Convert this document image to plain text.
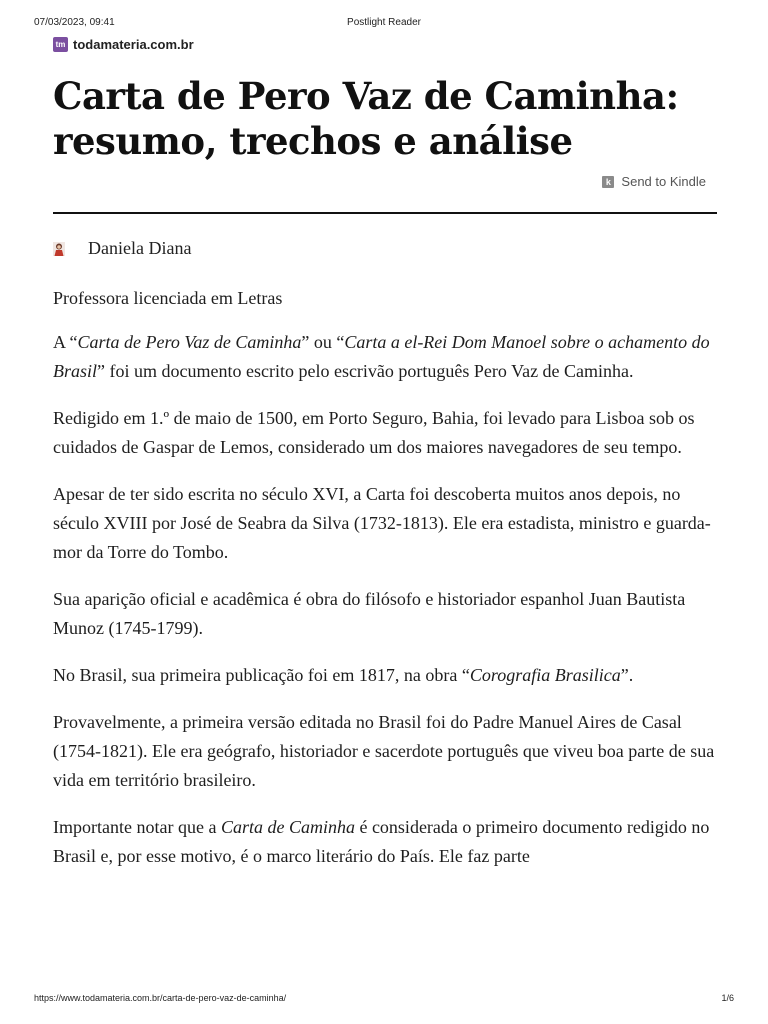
07/03/2023, 09:41	Postlight Reader
tm todamateria.com.br
Carta de Pero Vaz de Caminha: resumo, trechos e análise
k Send to Kindle
Daniela Diana

Professora licenciada em Letras

A “Carta de Pero Vaz de Caminha” ou “Carta a el-Rei Dom Manoel sobre o achamento do Brasil” foi um documento escrito pelo escrivão português Pero Vaz de Caminha.

Redigido em 1.º de maio de 1500, em Porto Seguro, Bahia, foi levado para Lisboa sob os cuidados de Gaspar de Lemos, considerado um dos maiores navegadores de seu tempo.

Apesar de ter sido escrita no século XVI, a Carta foi descoberta muitos anos depois, no século XVIII por José de Seabra da Silva (1732-1813). Ele era estadista, ministro e guarda-mor da Torre do Tombo.

Sua aparição oficial e acadêmica é obra do filósofo e historiador espanhol Juan Bautista Munoz (1745-1799).

No Brasil, sua primeira publicação foi em 1817, na obra “Corografia Brasilica”.

Provavelmente, a primeira versão editada no Brasil foi do Padre Manuel Aires de Casal (1754-1821). Ele era geógrafo, historiador e sacerdote português que viveu boa parte de sua vida em território brasileiro.

Importante notar que a Carta de Caminha é considerada o primeiro documento redigido no Brasil e, por esse motivo, é o marco literário do País. Ele faz parte

https://www.todamateria.com.br/carta-de-pero-vaz-de-caminha/	1/6
